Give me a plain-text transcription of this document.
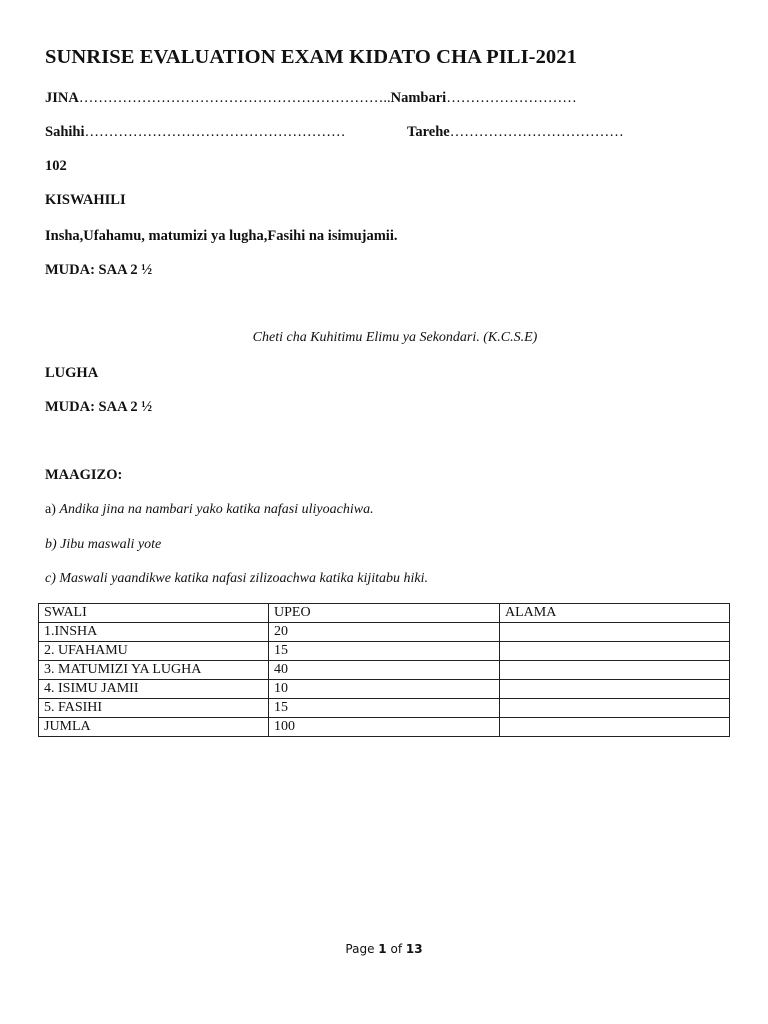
SUNRISE EVALUATION EXAM KIDATO CHA PILI-2021
JINA………………………………………………………..Nambari………………………
Sahihi………………………………………………	Tarehe………………………………
102
KISWAHILI
Insha,Ufahamu, matumizi ya lugha,Fasihi na isimujamii.
MUDA: SAA 2 ½
Cheti cha Kuhitimu Elimu ya Sekondari. (K.C.S.E)
LUGHA
MUDA: SAA 2 ½
MAAGIZO:
a) Andika jina na nambari yako katika nafasi uliyoachiwa.
b) Jibu maswali yote
c) Maswali yaandikwe katika nafasi zilizoachwa katika kijitabu hiki.
SWALI	UPEO	ALAMA
1.INSHA	20	
2. UFAHAMU	15	
3. MATUMIZI YA LUGHA	40	
4. ISIMU JAMII	10	
5. FASIHI	15	
JUMLA	100	
Page 1 of 13
